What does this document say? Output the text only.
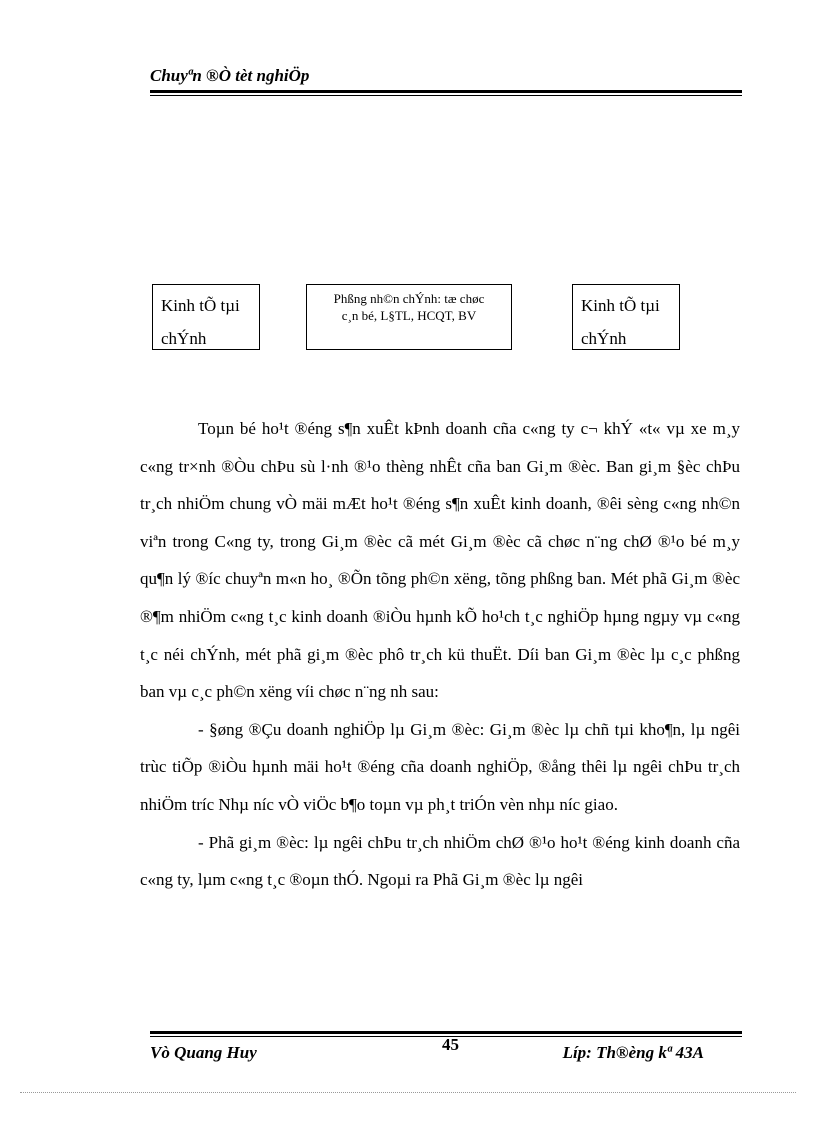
Chuyªn ®Ò tèt nghiÖp
Kinh tÕ tµi
chÝnh
Phßng nh©n chÝnh: tæ chøc
c¸n bé, L§TL, HCQT, BV
Kinh tÕ tµi
chÝnh

Toµn bé ho¹t ®éng s¶n xuÊt kÞnh doanh cña c«ng ty c¬ khÝ «t« vµ xe m¸y c«ng tr×nh ®Òu chÞu sù l·nh ®¹o thèng nhÊt cña ban Gi¸m ®èc. Ban gi¸m §èc chÞu tr¸ch nhiÖm chung vÒ mäi mÆt ho¹t ®éng s¶n xuÊt kinh doanh, ®êi sèng c«ng nh©n viªn trong C«ng ty, trong Gi¸m ®èc cã mét Gi¸m ®èc cã chøc n¨ng chØ ®¹o bé m¸y qu¶n lý ®íc chuyªn m«n ho¸ ®Õn tõng ph©n xëng, tõng phßng ban. Mét phã Gi¸m ®èc ®¶m nhiÖm c«ng t¸c kinh doanh ®iÒu hµnh kÕ ho¹ch t¸c nghiÖp hµng ngµy vµ c«ng t¸c néi chÝnh, mét phã gi¸m ®èc phô tr¸ch kü thuËt. Díi ban Gi¸m ®èc lµ c¸c phßng ban vµ c¸c ph©n xëng víi chøc n¨ng nh sau:

- §øng ®Çu doanh nghiÖp lµ Gi¸m ®èc: Gi¸m ®èc lµ chñ tµi kho¶n, lµ ngêi trùc tiÕp ®iÒu hµnh mäi ho¹t ®éng cña doanh nghiÖp, ®ång thêi lµ ngêi chÞu tr¸ch nhiÖm tríc Nhµ níc vÒ viÖc b¶o toµn vµ ph¸t triÓn vèn nhµ níc giao.

- Phã gi¸m ®èc: lµ ngêi chÞu tr¸ch nhiÖm chØ ®¹o ho¹t ®éng kinh doanh cña c«ng ty, lµm c«ng t¸c ®oµn thÓ. Ngoµi ra Phã Gi¸m ®èc lµ ngêi

Vò Quang Huy	45	Líp: Th®èng kª 43A
